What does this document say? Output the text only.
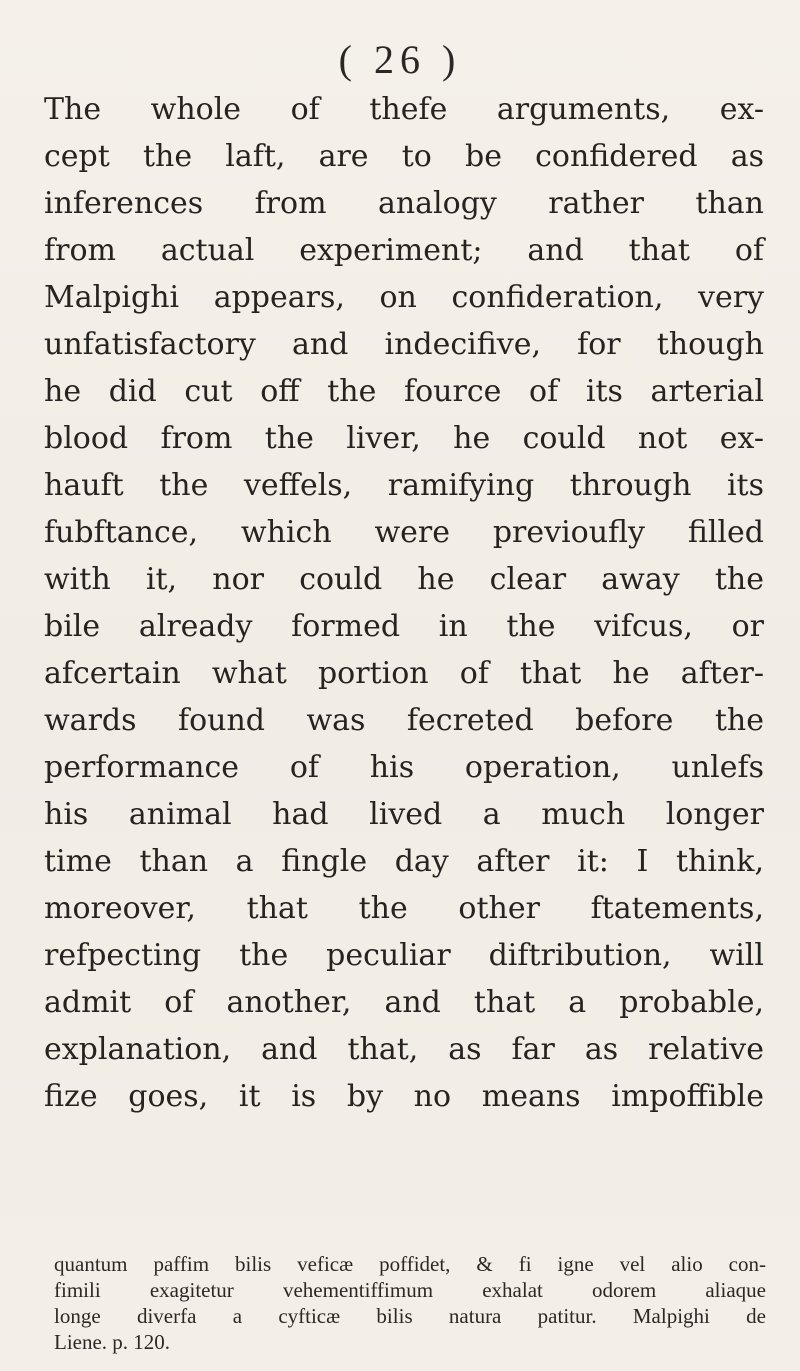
( 26 )
The whole of thefe arguments, ex-
cept the laft, are to be confidered as
inferences from analogy rather than
from actual experiment; and that of
Malpighi appears, on confideration, very
unfatisfactory and indecifive, for though
he did cut off the fource of its arterial
blood from the liver, he could not ex-
hauft the veffels, ramifying through its
fubftance, which were previoufly filled
with it, nor could he clear away the
bile already formed in the vifcus, or
afcertain what portion of that he after-
wards found was fecreted before the
performance of his operation, unlefs
his animal had lived a much longer
time than a fingle day after it: I think,
moreover, that the other ftatements,
refpecting the peculiar diftribution, will
admit of another, and that a probable,
explanation, and that, as far as relative
fize goes, it is by no means impoffible
quantum paffim bilis veficæ poffidet, & fi igne vel alio con-
fimili exagitetur vehementiffimum exhalat odorem aliaque
longe diverfa a cyfticæ bilis natura patitur. Malpighi de
Liene. p. 120.
